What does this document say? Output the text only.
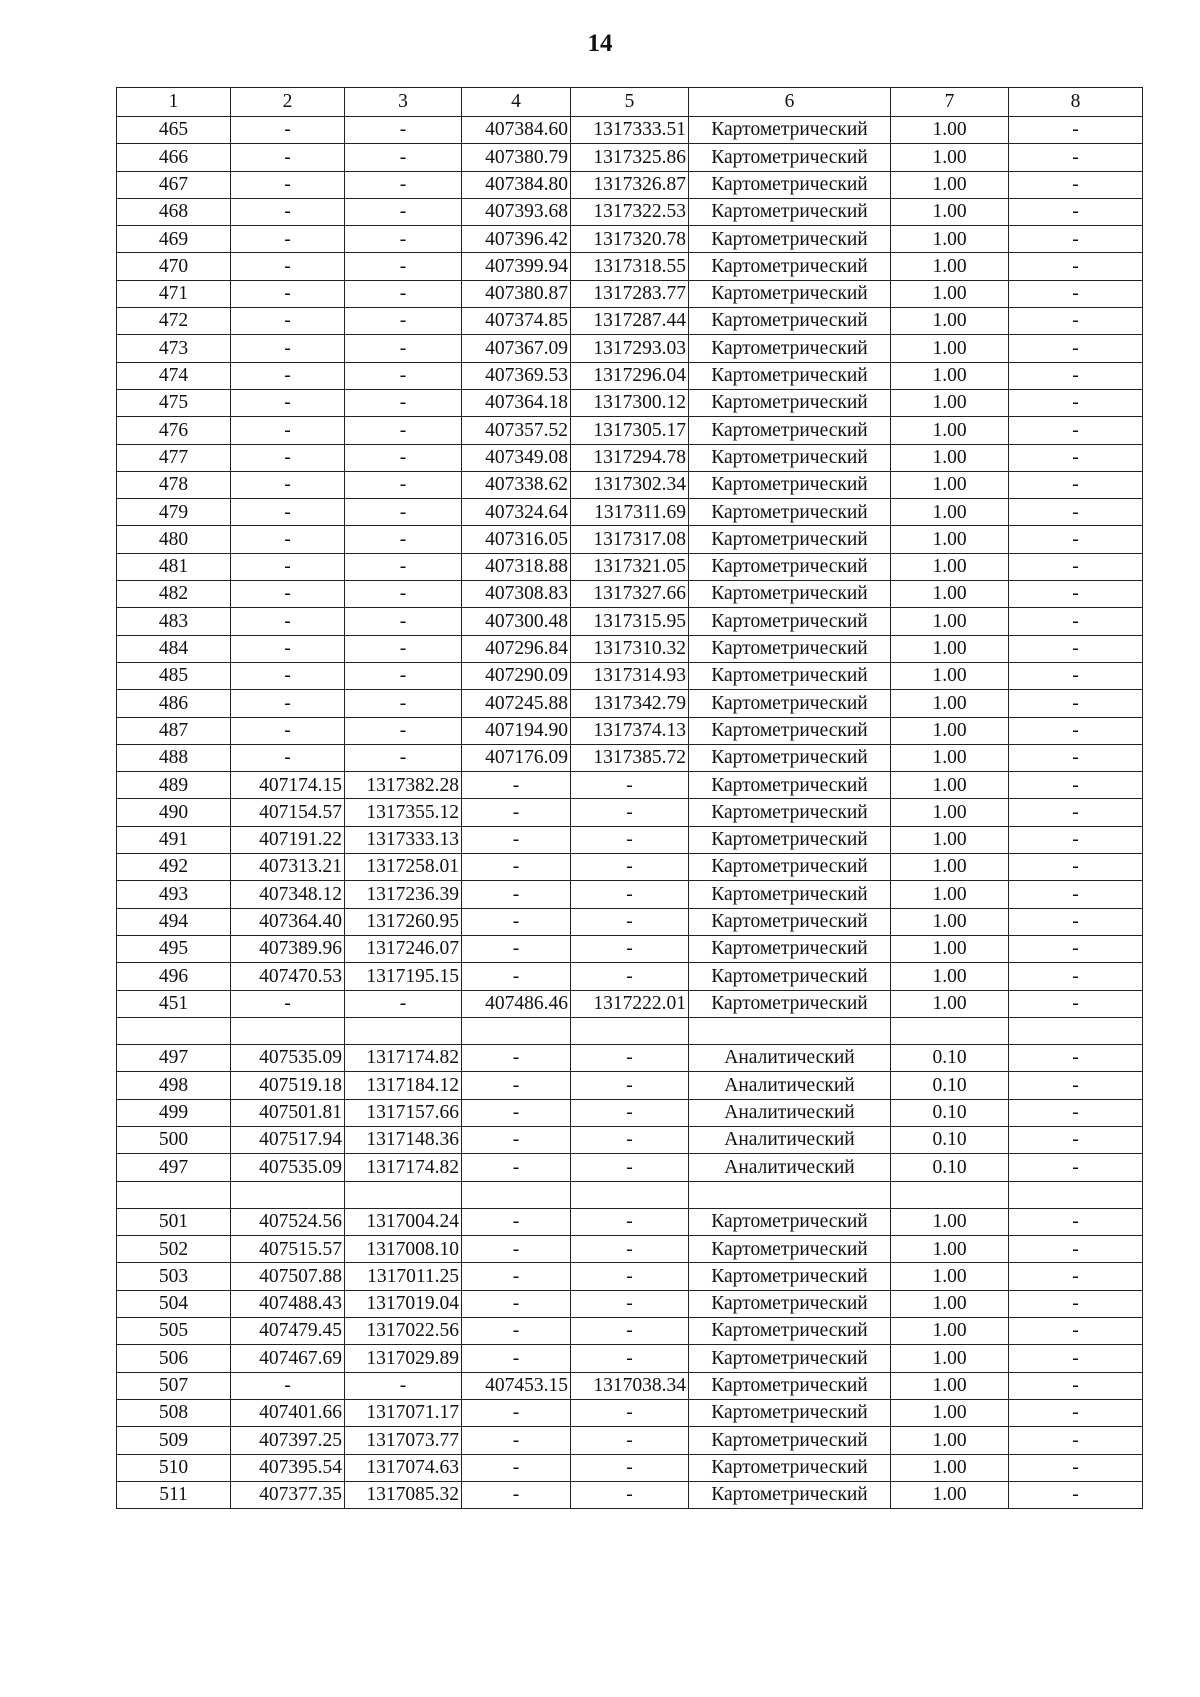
14
1	2	3	4	5	6	7	8
465	-	-	407384.60	1317333.51	Картометрический	1.00	-
466	-	-	407380.79	1317325.86	Картометрический	1.00	-
467	-	-	407384.80	1317326.87	Картометрический	1.00	-
468	-	-	407393.68	1317322.53	Картометрический	1.00	-
469	-	-	407396.42	1317320.78	Картометрический	1.00	-
470	-	-	407399.94	1317318.55	Картометрический	1.00	-
471	-	-	407380.87	1317283.77	Картометрический	1.00	-
472	-	-	407374.85	1317287.44	Картометрический	1.00	-
473	-	-	407367.09	1317293.03	Картометрический	1.00	-
474	-	-	407369.53	1317296.04	Картометрический	1.00	-
475	-	-	407364.18	1317300.12	Картометрический	1.00	-
476	-	-	407357.52	1317305.17	Картометрический	1.00	-
477	-	-	407349.08	1317294.78	Картометрический	1.00	-
478	-	-	407338.62	1317302.34	Картометрический	1.00	-
479	-	-	407324.64	1317311.69	Картометрический	1.00	-
480	-	-	407316.05	1317317.08	Картометрический	1.00	-
481	-	-	407318.88	1317321.05	Картометрический	1.00	-
482	-	-	407308.83	1317327.66	Картометрический	1.00	-
483	-	-	407300.48	1317315.95	Картометрический	1.00	-
484	-	-	407296.84	1317310.32	Картометрический	1.00	-
485	-	-	407290.09	1317314.93	Картометрический	1.00	-
486	-	-	407245.88	1317342.79	Картометрический	1.00	-
487	-	-	407194.90	1317374.13	Картометрический	1.00	-
488	-	-	407176.09	1317385.72	Картометрический	1.00	-
489	407174.15	1317382.28	-	-	Картометрический	1.00	-
490	407154.57	1317355.12	-	-	Картометрический	1.00	-
491	407191.22	1317333.13	-	-	Картометрический	1.00	-
492	407313.21	1317258.01	-	-	Картометрический	1.00	-
493	407348.12	1317236.39	-	-	Картометрический	1.00	-
494	407364.40	1317260.95	-	-	Картометрический	1.00	-
495	407389.96	1317246.07	-	-	Картометрический	1.00	-
496	407470.53	1317195.15	-	-	Картометрический	1.00	-
451	-	-	407486.46	1317222.01	Картометрический	1.00	-

497	407535.09	1317174.82	-	-	Аналитический	0.10	-
498	407519.18	1317184.12	-	-	Аналитический	0.10	-
499	407501.81	1317157.66	-	-	Аналитический	0.10	-
500	407517.94	1317148.36	-	-	Аналитический	0.10	-
497	407535.09	1317174.82	-	-	Аналитический	0.10	-

501	407524.56	1317004.24	-	-	Картометрический	1.00	-
502	407515.57	1317008.10	-	-	Картометрический	1.00	-
503	407507.88	1317011.25	-	-	Картометрический	1.00	-
504	407488.43	1317019.04	-	-	Картометрический	1.00	-
505	407479.45	1317022.56	-	-	Картометрический	1.00	-
506	407467.69	1317029.89	-	-	Картометрический	1.00	-
507	-	-	407453.15	1317038.34	Картометрический	1.00	-
508	407401.66	1317071.17	-	-	Картометрический	1.00	-
509	407397.25	1317073.77	-	-	Картометрический	1.00	-
510	407395.54	1317074.63	-	-	Картометрический	1.00	-
511	407377.35	1317085.32	-	-	Картометрический	1.00	-
